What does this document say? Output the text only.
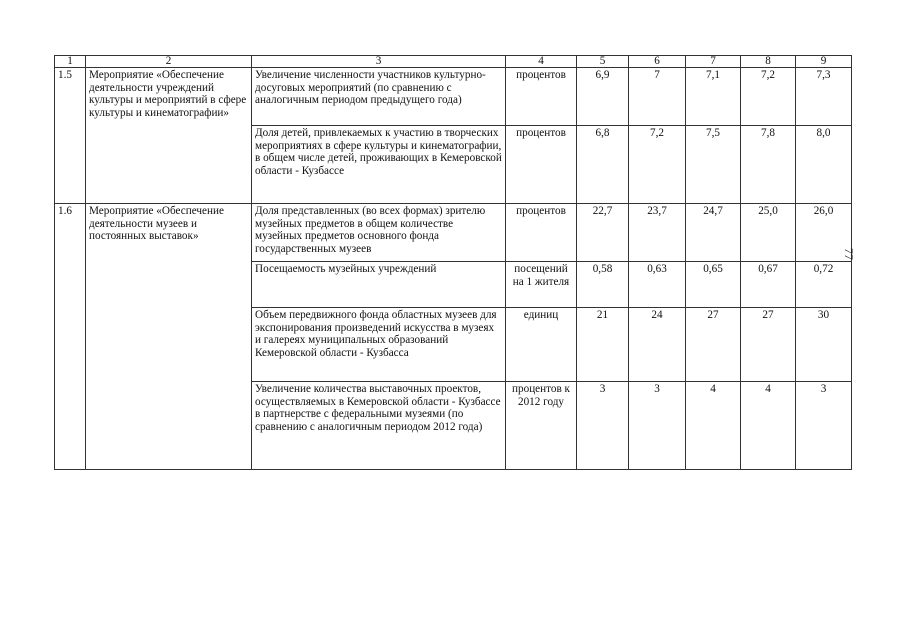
1	2	3	4	5	6	7	8	9
1.5	Мероприятие «Обеспечение деятельности учреждений культуры и мероприятий в сфере культуры и кинематографии»	Увеличение численности участников культурно-досуговых мероприятий (по сравнению с аналогичным периодом предыдущего года)	процентов	6,9	7	7,1	7,2	7,3
		Доля детей, привлекаемых к участию в творческих мероприятиях в сфере культуры и кинематографии, в общем числе детей, проживающих в Кемеровской области - Кузбассе	процентов	6,8	7,2	7,5	7,8	8,0
1.6	Мероприятие «Обеспечение деятельности музеев и постоянных выставок»	Доля представленных (во всех формах) зрителю музейных предметов в общем количестве музейных предметов основного фонда государственных музеев	процентов	22,7	23,7	24,7	25,0	26,0
		Посещаемость музейных учреждений	посещений на 1 жителя	0,58	0,63	0,65	0,67	0,72
		Объем передвижного фонда областных музеев для экспонирования произведений искусства в музеях и галереях муниципальных образований Кемеровской области - Кузбасса	единиц	21	24	27	27	30
		Увеличение количества выставочных проектов, осуществляемых в Кемеровской области - Кузбассе в партнерстве с федеральными музеями (по сравнению с аналогичным периодом 2012 года)	процентов к 2012 году	3	3	4	4	3
77
